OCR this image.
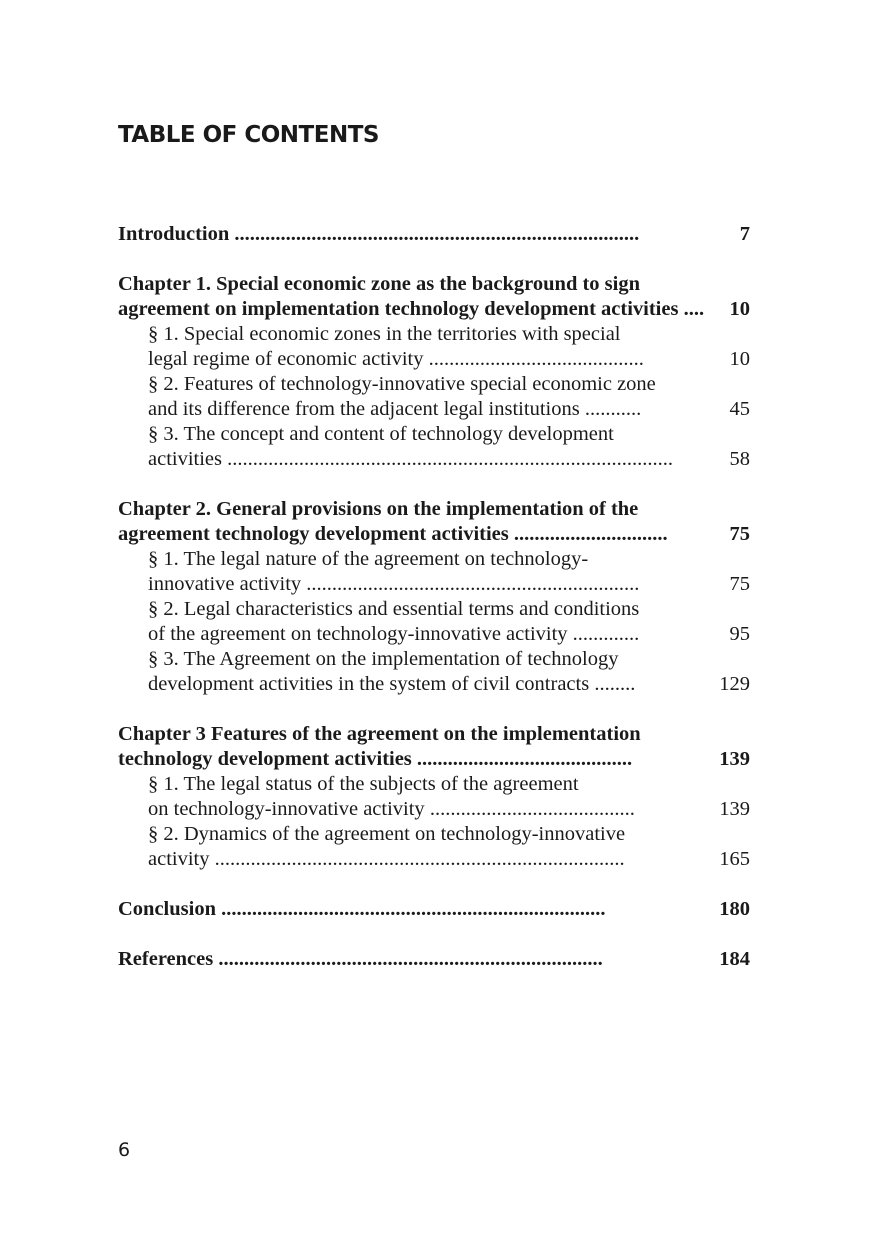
TABLE OF CONTENTS
Introduction ...............................................................................	7
Chapter 1. Special economic zone as the background to sign
agreement on implementation technology development activities .... 10
§ 1. Special economic zones in the territories with special
legal regime of economic activity ..........................................	10
§ 2. Features of technology-innovative special economic zone
and its difference from the adjacent legal institutions ...........	45
§ 3. The concept and content of technology development
activities .......................................................................................	58
Chapter 2. General provisions on the implementation of the
agreement technology development activities ..............................	75
§ 1. The legal nature of the agreement on technology-
innovative activity .................................................................	75
§ 2. Legal characteristics and essential terms and conditions
of the agreement on technology-innovative activity .............	95
§ 3. The Agreement on the implementation of technology
development activities in the system of civil contracts ........	129
Chapter 3 Features of the agreement on the implementation
technology development activities ..........................................	139
§ 1. The legal status of the subjects of the agreement
on technology-innovative activity ........................................	139
§ 2. Dynamics of the agreement on technology-innovative
activity ................................................................................	165
Conclusion ...........................................................................	180
References ...........................................................................	184
6
